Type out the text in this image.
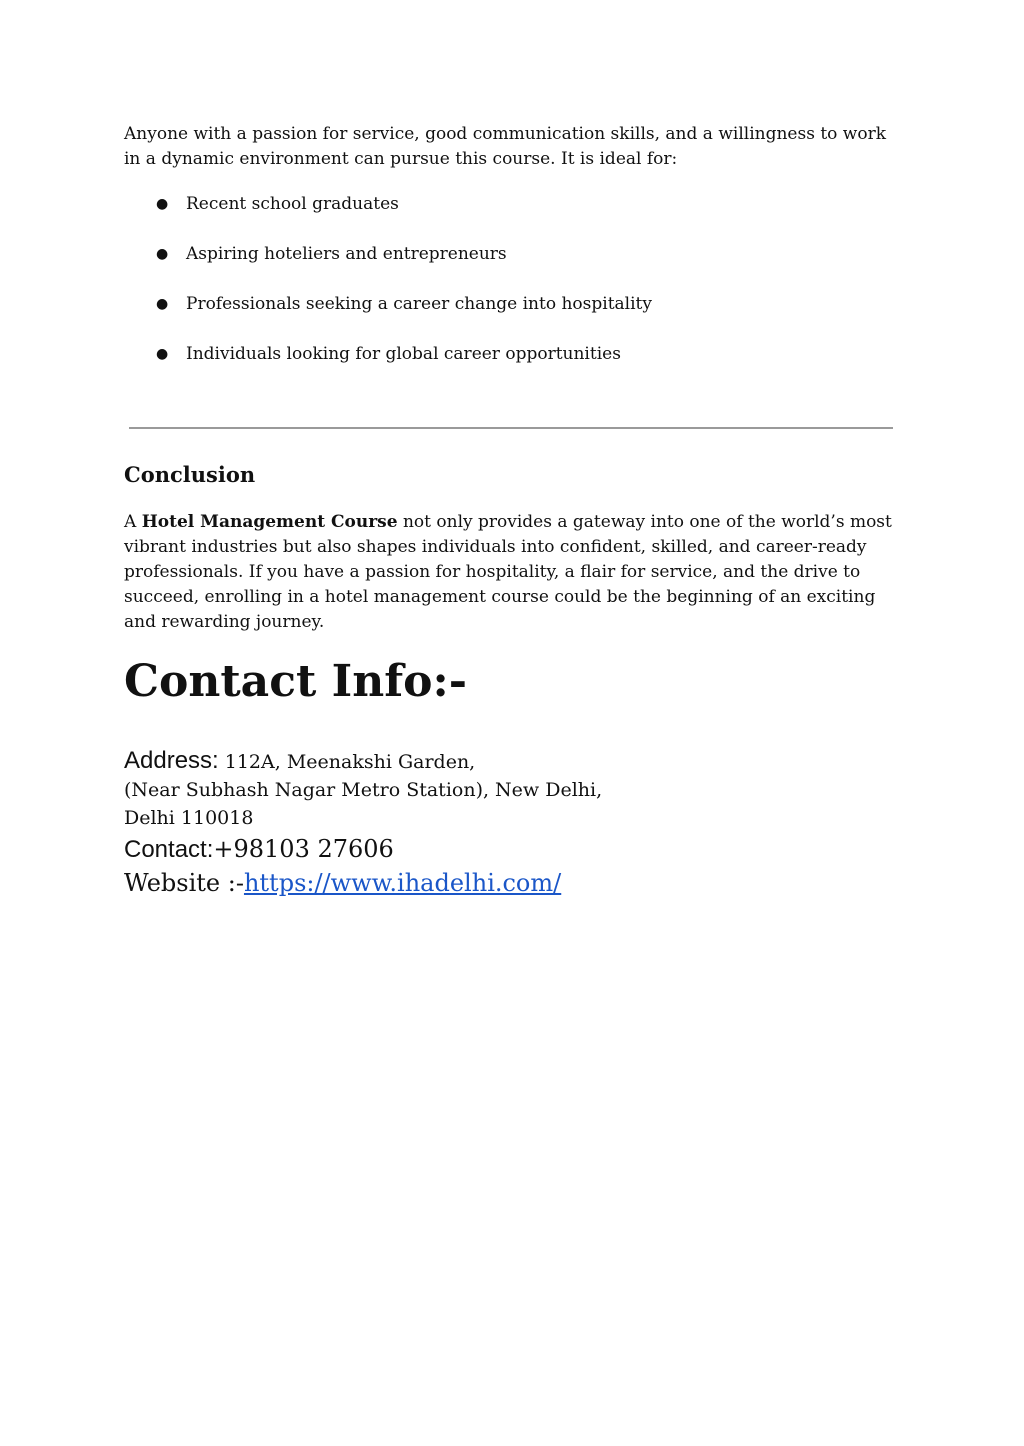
Anyone with a passion for service, good communication skills, and a willingness to work in a dynamic environment can pursue this course. It is ideal for:

● Recent school graduates
● Aspiring hoteliers and entrepreneurs
● Professionals seeking a career change into hospitality
● Individuals looking for global career opportunities
Conclusion

A Hotel Management Course not only provides a gateway into one of the world’s most vibrant industries but also shapes individuals into confident, skilled, and career-ready professionals. If you have a passion for hospitality, a flair for service, and the drive to succeed, enrolling in a hotel management course could be the beginning of an exciting and rewarding journey.

Contact Info:-
Address: 112A, Meenakshi Garden,
(Near Subhash Nagar Metro Station), New Delhi,
Delhi 110018
Contact:+98103 27606
Website :-https://www.ihadelhi.com/
